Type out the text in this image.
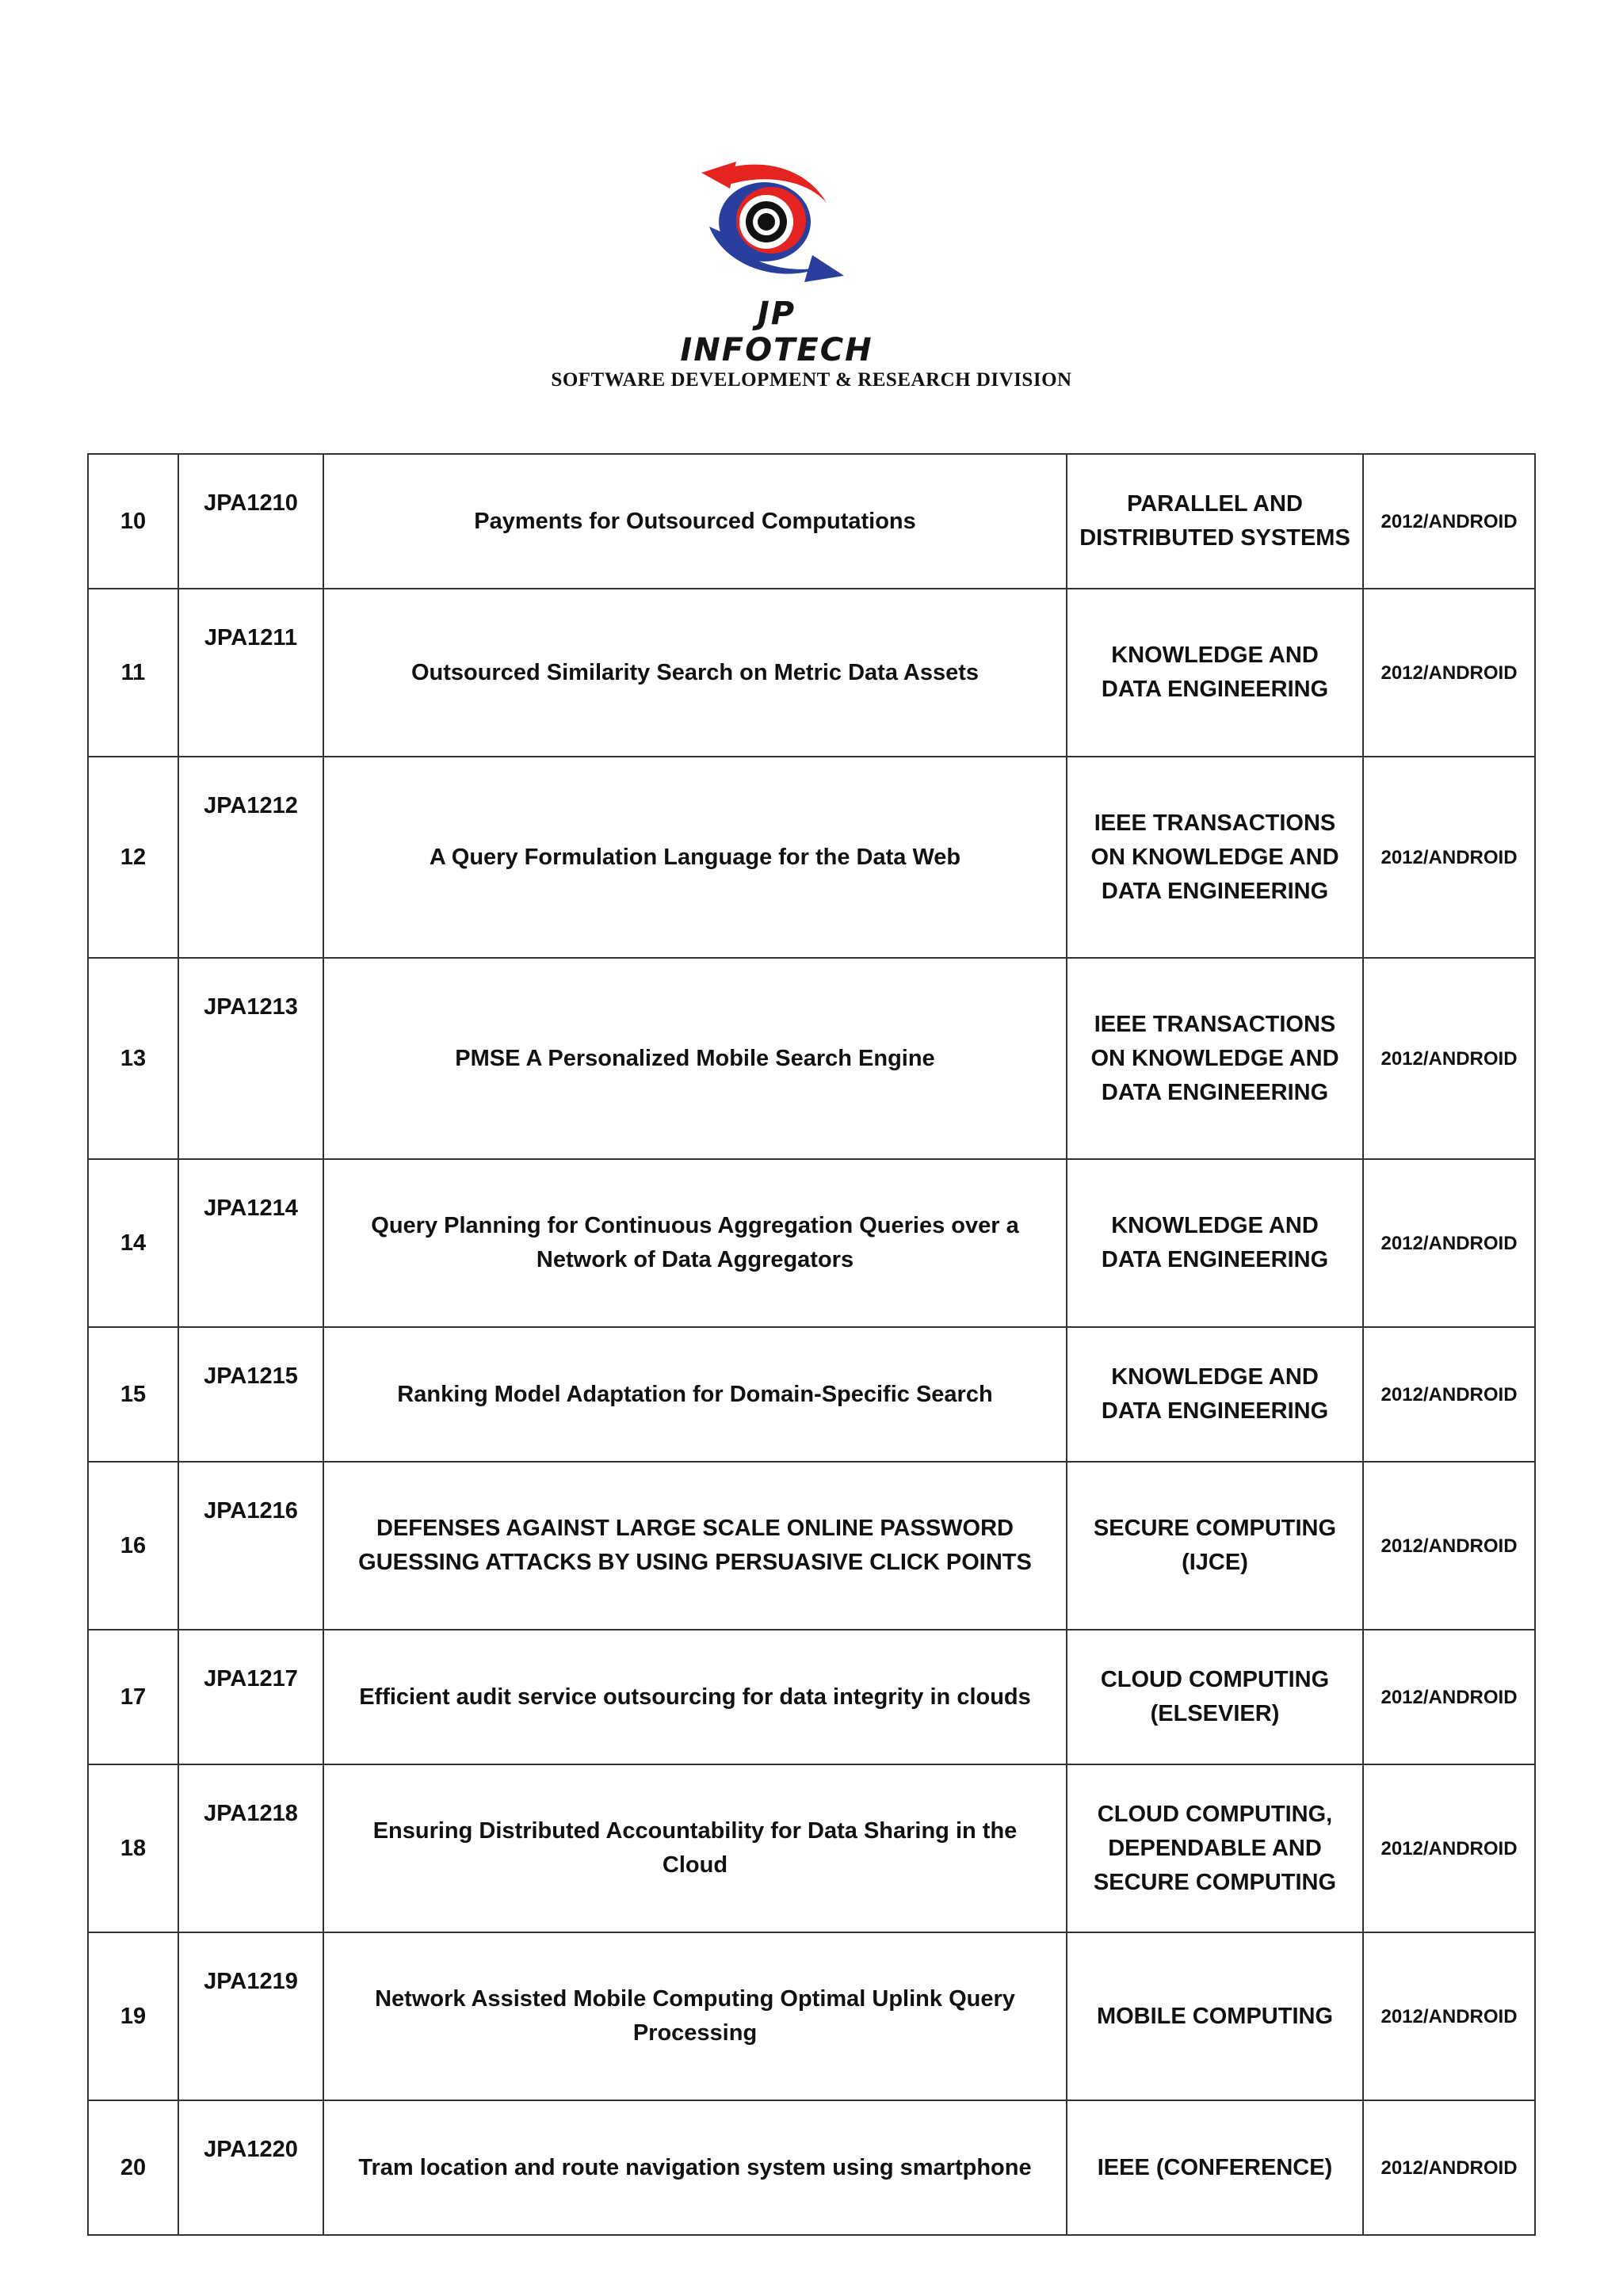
JP INFOTECH
SOFTWARE DEVELOPMENT & RESEARCH DIVISION
10	JPA1210	Payments for Outsourced Computations	PARALLEL AND DISTRIBUTED SYSTEMS	2012/ANDROID
11	JPA1211	Outsourced Similarity Search on Metric Data Assets	KNOWLEDGE AND DATA ENGINEERING	2012/ANDROID
12	JPA1212	A Query Formulation Language for the Data Web	IEEE TRANSACTIONS ON KNOWLEDGE AND DATA ENGINEERING	2012/ANDROID
13	JPA1213	PMSE A Personalized Mobile Search Engine	IEEE TRANSACTIONS ON KNOWLEDGE AND DATA ENGINEERING	2012/ANDROID
14	JPA1214	Query Planning for Continuous Aggregation Queries over a Network of Data Aggregators	KNOWLEDGE AND DATA ENGINEERING	2012/ANDROID
15	JPA1215	Ranking Model Adaptation for Domain-Specific Search	KNOWLEDGE AND DATA ENGINEERING	2012/ANDROID
16	JPA1216	DEFENSES AGAINST LARGE SCALE ONLINE PASSWORD GUESSING ATTACKS BY USING PERSUASIVE CLICK POINTS	SECURE COMPUTING (IJCE)	2012/ANDROID
17	JPA1217	Efficient audit service outsourcing for data integrity in clouds	CLOUD COMPUTING (ELSEVIER)	2012/ANDROID
18	JPA1218	Ensuring Distributed Accountability for Data Sharing in the Cloud	CLOUD COMPUTING, DEPENDABLE AND SECURE COMPUTING	2012/ANDROID
19	JPA1219	Network Assisted Mobile Computing Optimal Uplink Query Processing	MOBILE COMPUTING	2012/ANDROID
20	JPA1220	Tram location and route navigation system using smartphone	IEEE (CONFERENCE)	2012/ANDROID
